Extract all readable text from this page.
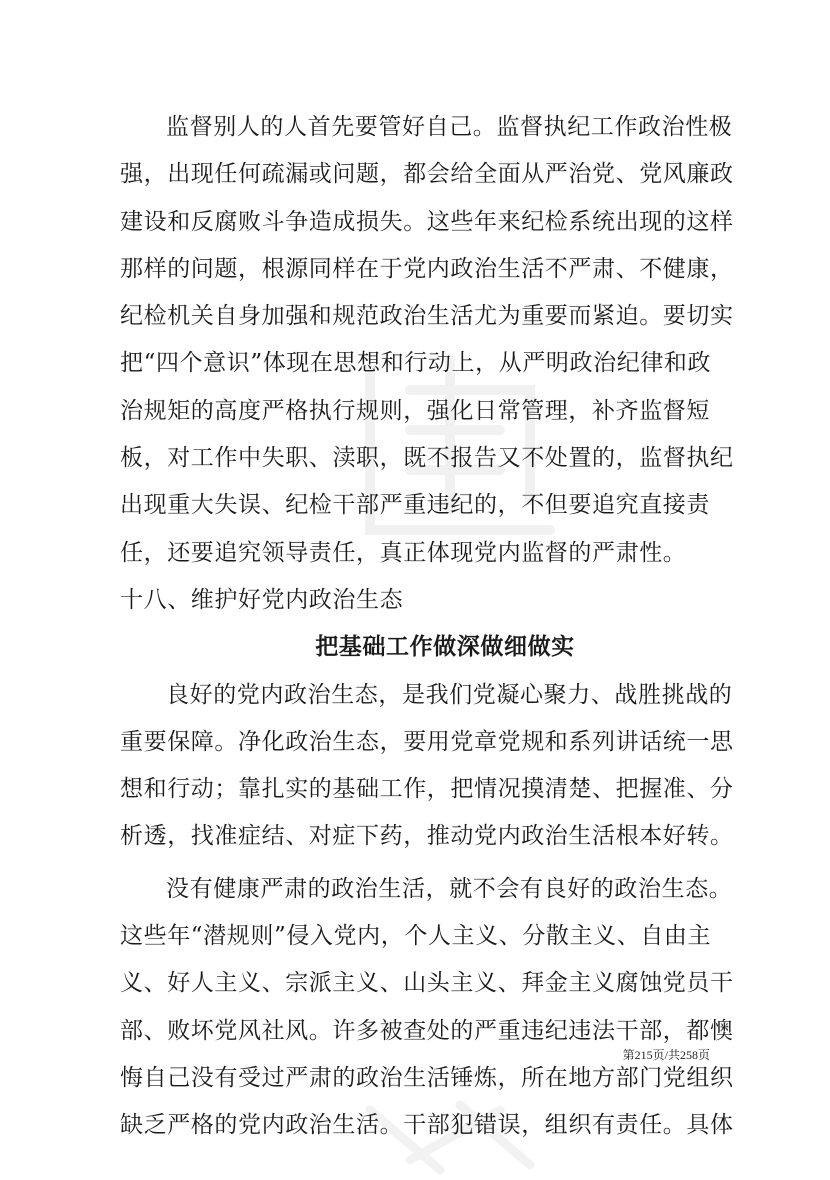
监督别人的人首先要管好自己。监督执纪工作政治性极
强，出现任何疏漏或问题，都会给全面从严治党、党风廉政
建设和反腐败斗争造成损失。这些年来纪检系统出现的这样
那样的问题，根源同样在于党内政治生活不严肃、不健康，
纪检机关自身加强和规范政治生活尤为重要而紧迫。要切实
把“四个意识”体现在思想和行动上，从严明政治纪律和政
治规矩的高度严格执行规则，强化日常管理，补齐监督短
板，对工作中失职、渎职，既不报告又不处置的，监督执纪
出现重大失误、纪检干部严重违纪的，不但要追究直接责
任，还要追究领导责任，真正体现党内监督的严肃性。
十八、维护好党内政治生态
把基础工作做深做细做实
良好的党内政治生态，是我们党凝心聚力、战胜挑战的
重要保障。净化政治生态，要用党章党规和系列讲话统一思
想和行动；靠扎实的基础工作，把情况摸清楚、把握准、分
析透，找准症结、对症下药，推动党内政治生活根本好转。
没有健康严肃的政治生活，就不会有良好的政治生态。
这些年“潜规则”侵入党内，个人主义、分散主义、自由主
义、好人主义、宗派主义、山头主义、拜金主义腐蚀党员干
部、败坏党风社风。许多被查处的严重违纪违法干部，都懊
悔自己没有受过严肃的政治生活锤炼，所在地方部门党组织
缺乏严格的党内政治生活。干部犯错误，组织有责任。具体
第215页/共258页
